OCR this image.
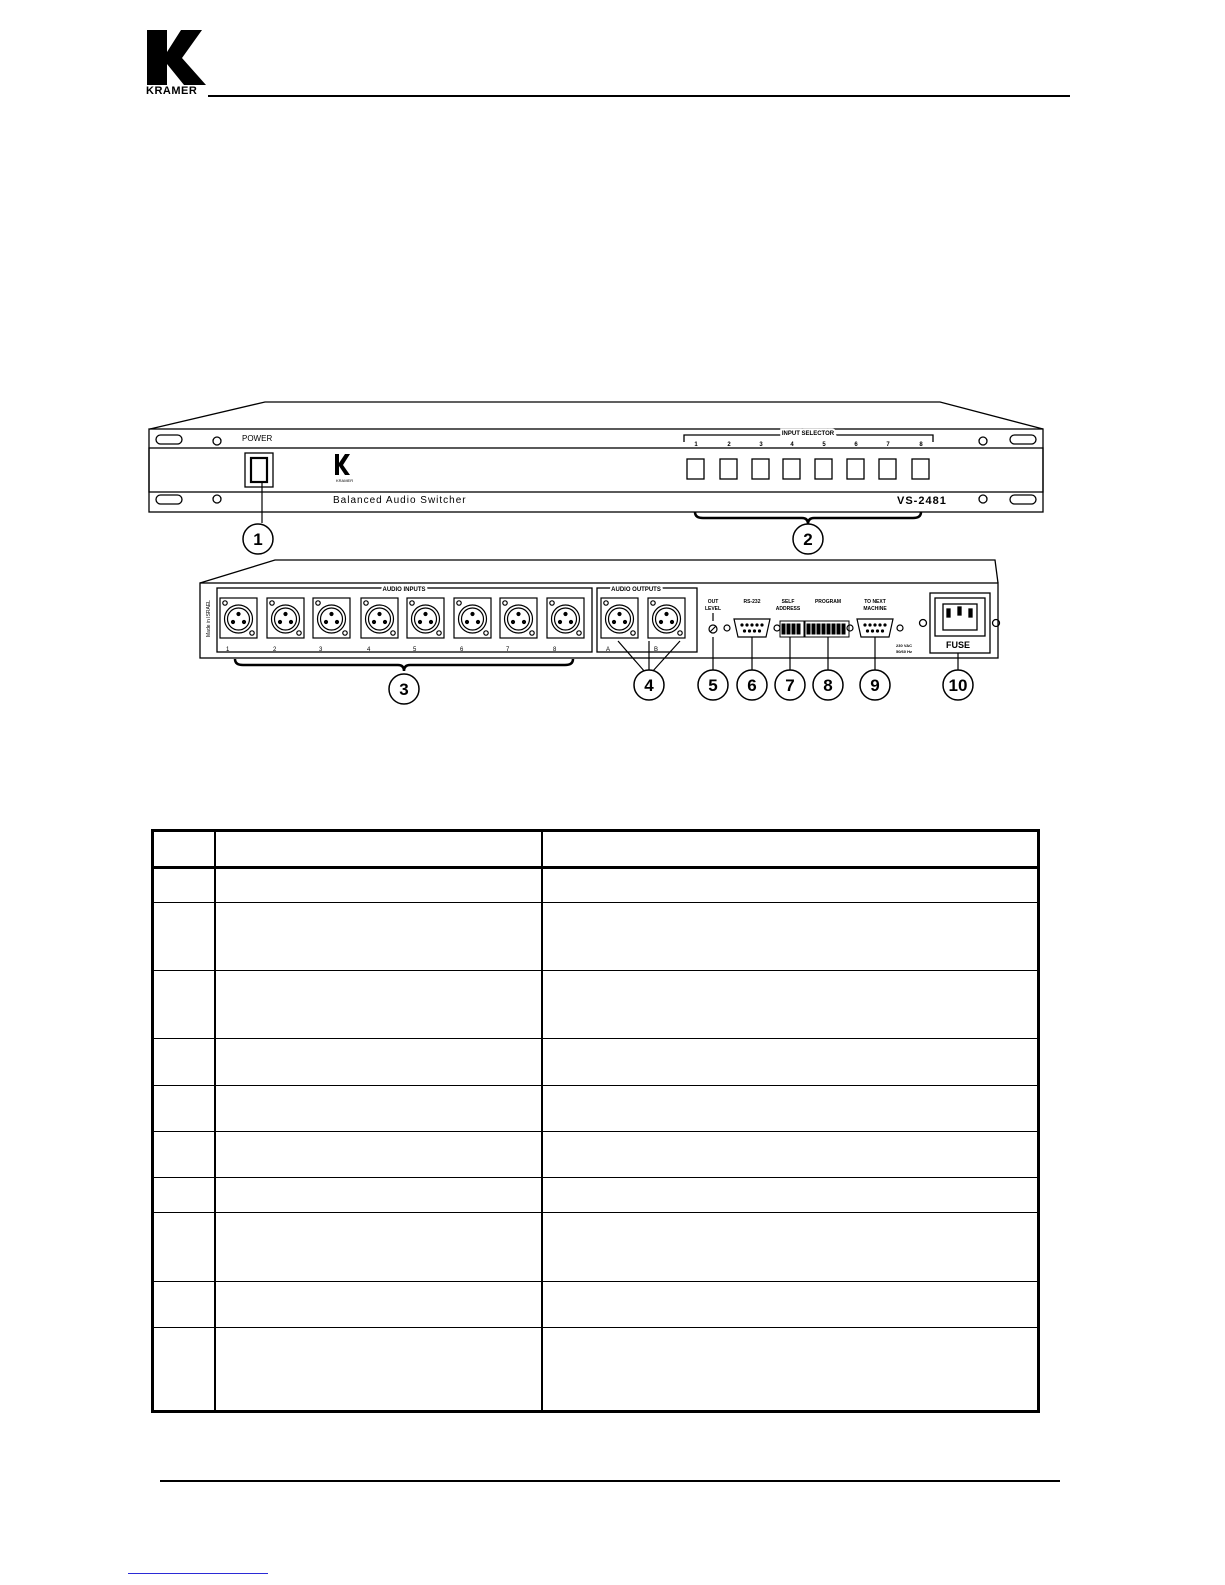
KRAMER
POWER
KRAMER
Balanced Audio Switcher	VS-2481
INPUT SELECTOR
1	2	3	4	5	6	7	8
Made in ISRAEL
AUDIO INPUTS	AUDIO OUTPUTS
1	2	3	4	5	6	7	8	A	B
OUT
LEVEL
RS-232	SELF
ADDRESS
PROGRAM	TO NEXT
MACHINE
230 VAC
50/60 Hz
FUSE
1	2
3	4	5 6 7 8 9	10
